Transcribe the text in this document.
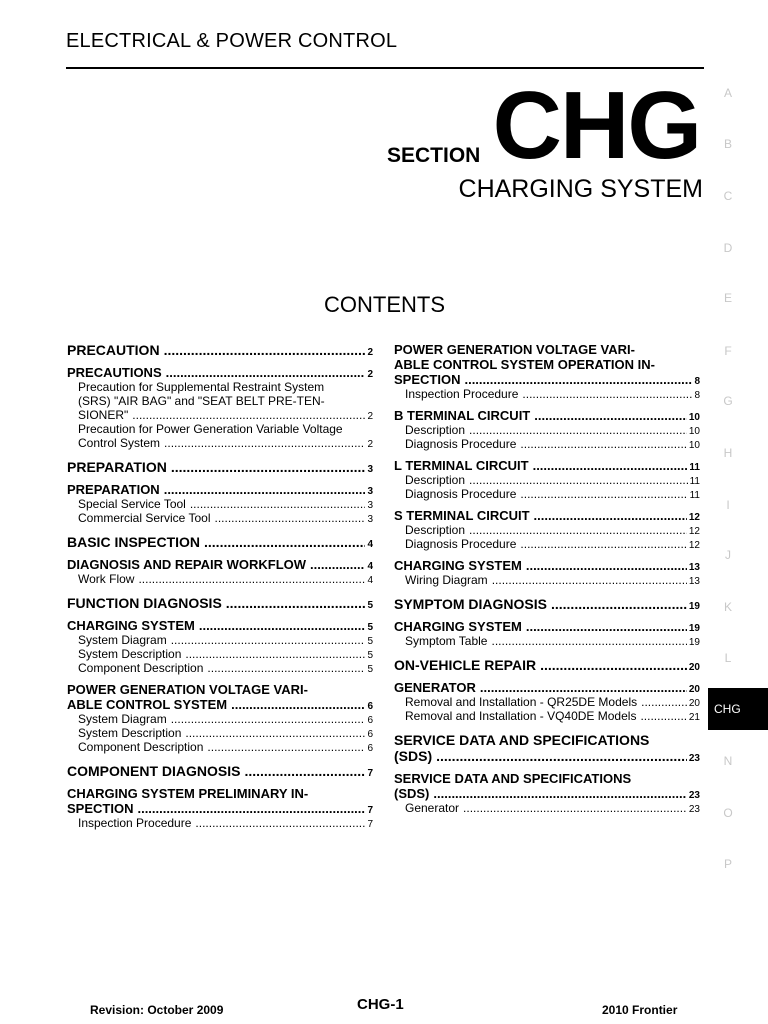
ELECTRICAL & POWER CONTROL
SECTION CHG
CHARGING SYSTEM
CONTENTS
A
B
C
D
E
F
G
H
I
J
K
L
CHG
N
O
P
PRECAUTION .....	2
PRECAUTIONS .....	2
Precaution for Supplemental Restraint System
(SRS) "AIR BAG" and "SEAT BELT PRE-TEN-
SIONER" .....	2
Precaution for Power Generation Variable Voltage
Control System .....	2
PREPARATION .....	3
PREPARATION .....	3
Special Service Tool .....	3
Commercial Service Tool .....	3
BASIC INSPECTION .....	4
DIAGNOSIS AND REPAIR WORKFLOW .....	4
Work Flow .....	4
FUNCTION DIAGNOSIS .....	5
CHARGING SYSTEM .....	5
System Diagram .....	5
System Description .....	5
Component Description .....	5
POWER GENERATION VOLTAGE VARI-
ABLE CONTROL SYSTEM .....	6
System Diagram .....	6
System Description .....	6
Component Description .....	6
COMPONENT DIAGNOSIS .....	7
CHARGING SYSTEM PRELIMINARY IN-
SPECTION .....	7
Inspection Procedure .....	7
POWER GENERATION VOLTAGE VARI-
ABLE CONTROL SYSTEM OPERATION IN-
SPECTION .....	8
Inspection Procedure .....	8
B TERMINAL CIRCUIT .....	10
Description .....	10
Diagnosis Procedure .....	10
L TERMINAL CIRCUIT .....	11
Description .....	11
Diagnosis Procedure .....	11
S TERMINAL CIRCUIT .....	12
Description .....	12
Diagnosis Procedure .....	12
CHARGING SYSTEM .....	13
Wiring Diagram .....	13
SYMPTOM DIAGNOSIS .....	19
CHARGING SYSTEM .....	19
Symptom Table .....	19
ON-VEHICLE REPAIR .....	20
GENERATOR .....	20
Removal and Installation - QR25DE Models .....	20
Removal and Installation - VQ40DE Models .....	21
SERVICE DATA AND SPECIFICATIONS
(SDS) .....	23
SERVICE DATA AND SPECIFICATIONS
(SDS) .....	23
Generator .....	23
Revision: October 2009	CHG-1	2010 Frontier
